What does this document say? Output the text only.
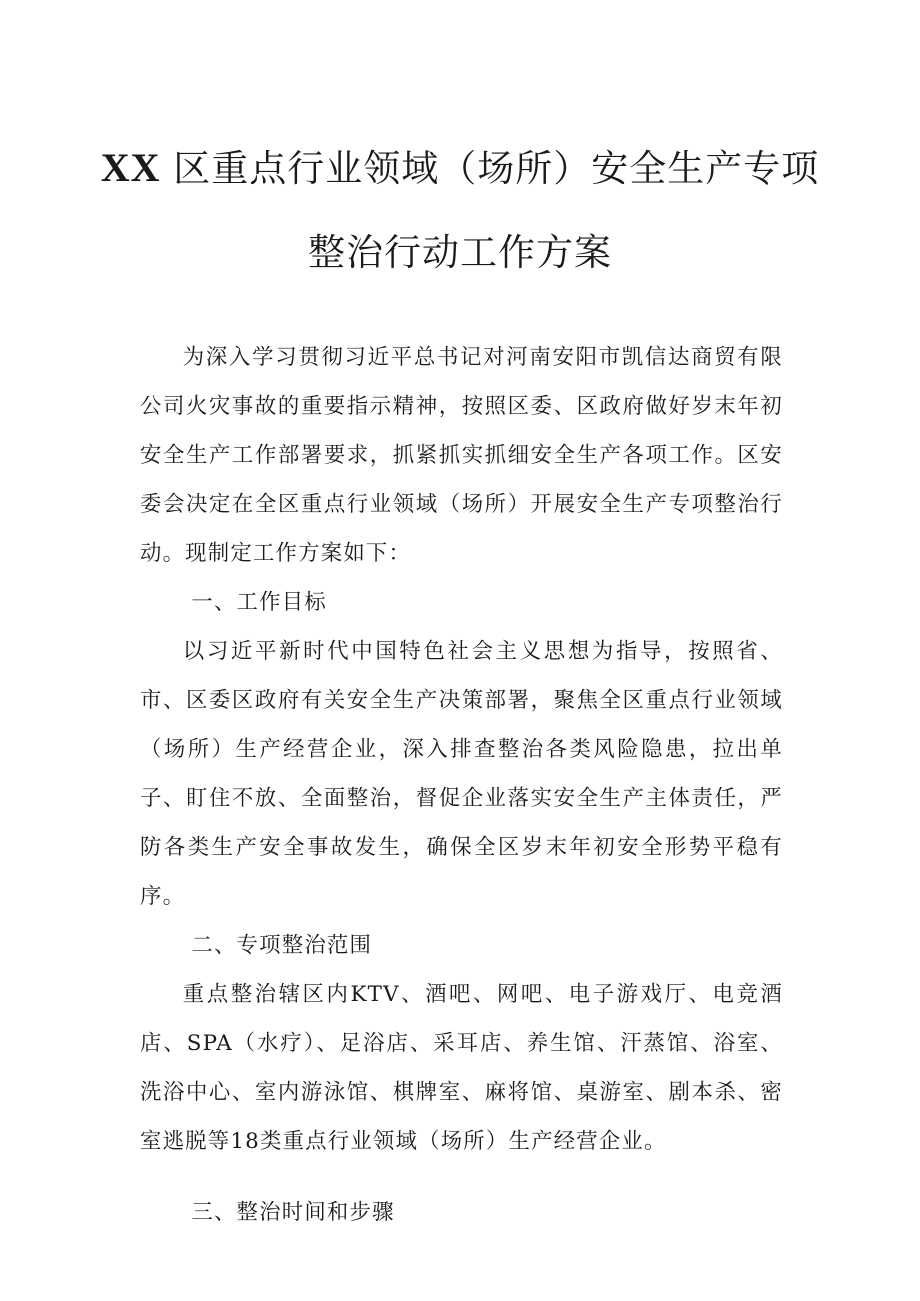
XX 区重点行业领域（场所）安全生产专项
整治行动工作方案

为深入学习贯彻习近平总书记对河南安阳市凯信达商贸有限公司火灾事故的重要指示精神，按照区委、区政府做好岁末年初安全生产工作部署要求，抓紧抓实抓细安全生产各项工作。区安委会决定在全区重点行业领域（场所）开展安全生产专项整治行动。现制定工作方案如下：

一、工作目标

以习近平新时代中国特色社会主义思想为指导，按照省、市、区委区政府有关安全生产决策部署，聚焦全区重点行业领域（场所）生产经营企业，深入排查整治各类风险隐患，拉出单子、盯住不放、全面整治，督促企业落实安全生产主体责任，严防各类生产安全事故发生，确保全区岁末年初安全形势平稳有序。

二、专项整治范围

重点整治辖区内KTV、酒吧、网吧、电子游戏厅、电竞酒店、SPA（水疗）、足浴店、采耳店、养生馆、汗蒸馆、浴室、洗浴中心、室内游泳馆、棋牌室、麻将馆、桌游室、剧本杀、密室逃脱等18类重点行业领域（场所）生产经营企业。

三、整治时间和步骤
